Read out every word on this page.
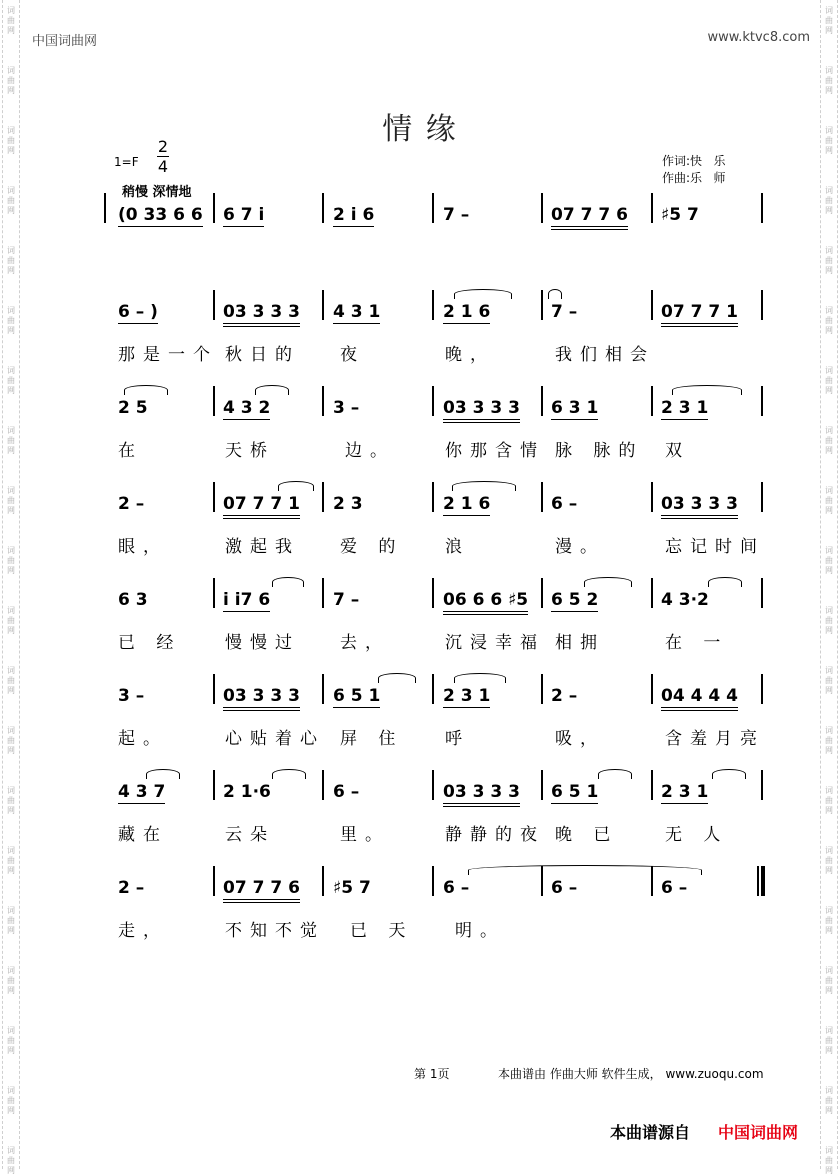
词
曲
网
词
曲
网
词
曲
网
词
曲
网
词
曲
网
词
曲
网
词
曲
网
词
曲
网
词
曲
网
词
曲
网
词
曲
网
词
曲
网
词
曲
网
词
曲
网
词
曲
网
词
曲
网
词
曲
网
词
曲
网
词
曲
网
词
曲
网
词
曲
网
词
曲
网
词
曲
网
词
曲
网
词
曲
网
词
曲
网
词
曲
网
词
曲
网
词
曲
网
词
曲
网
词
曲
网
词
曲
网
词
曲
网
词
曲
网
词
曲
网
词
曲
网
词
曲
网
词
曲
网
词
曲
网
词
曲
网
中国词曲网	www.ktvc8.com
情 缘
1=F
2
4
稍慢 深情地
作词:快   乐
作曲:乐   师
(0 33 6 6 6 7 i	2 i 6	7 –	07 7 7 6 ♯5 7
6 – )	03 3 3 3 4 3 1	2 1 6	7 –	07 7 7 1
那是一个 秋日的 夜	晚，	我们相会
2 5	4 3 2	3 –	03 3 3 3 6 3 1	2 3 1
在	天桥	边。	你那含情 脉 脉的 双
2 –	07 7 7 1 2 3	2 1 6	6 –	03 3 3 3
眼，	激起我 爱 的 浪	漫。	忘记时间
6 3	i i7 6	7 –	06 6 6 ♯5 6 5 2	4 3·2
已 经	慢慢过 去，	沉浸幸福 相拥	在 一
3 –	03 3 3 3 6 5 1	2 3 1	2 –	04 4 4 4
起。	心贴着心 屏 住 呼	吸，	含羞月亮
4 3 7	2 1·6	6 –	03 3 3 3 6 5 1	2 3 1
藏在	云朵	里。	静静的夜 晚 已	无 人
2 –	07 7 7 6 ♯5 7	6 –	6 –	6 –
走，	不知不觉 已 天 明。
第 1页	本曲谱由 作曲大师 软件生成， www.zuoqu.com
本曲谱源自 中国词曲网
